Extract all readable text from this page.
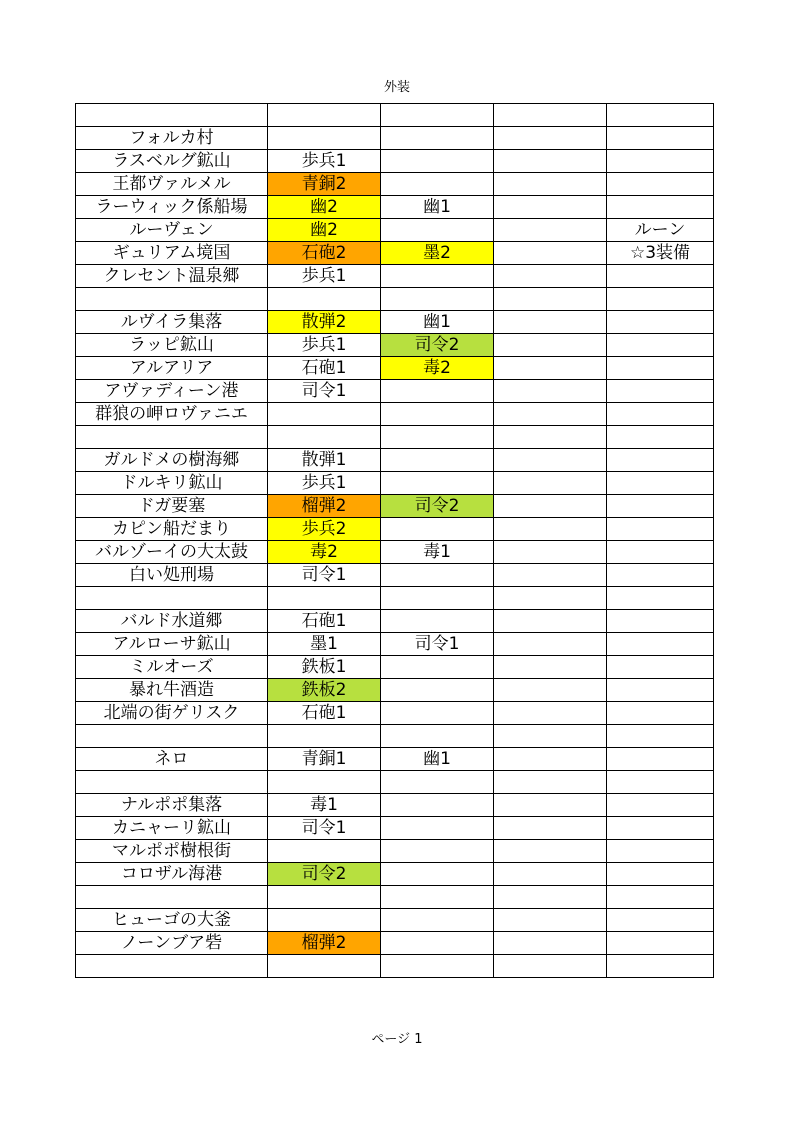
外装

フォルカ村				
ラスベルグ鉱山	歩兵1			
王都ヴァルメル	青銅2			
ラーウィック係船場	幽2	幽1		
ルーヴェン	幽2			ルーン
ギュリアム境国	石砲2	墨2		☆3装備
クレセント温泉郷	歩兵1			

ルヴイラ集落	散弾2	幽1		
ラッピ鉱山	歩兵1	司令2		
アルアリア	石砲1	毒2		
アヴァディーン港	司令1			
群狼の岬ロヴァニエ				

ガルドメの樹海郷	散弾1			
ドルキリ鉱山	歩兵1			
ドガ要塞	榴弾2	司令2		
カピン船だまり	歩兵2			
バルゾーイの大太鼓	毒2	毒1		
白い処刑場	司令1			

バルド水道郷	石砲1			
アルローサ鉱山	墨1	司令1		
ミルオーズ	鉄板1			
暴れ牛酒造	鉄板2			
北端の街ゲリスク	石砲1			

ネロ	青銅1	幽1		

ナルポポ集落	毒1			
カニャーリ鉱山	司令1			
マルポポ樹根街				
コロザル海港	司令2			

ヒューゴの大釜				
ノーンブア砦	榴弾2			

ページ 1
